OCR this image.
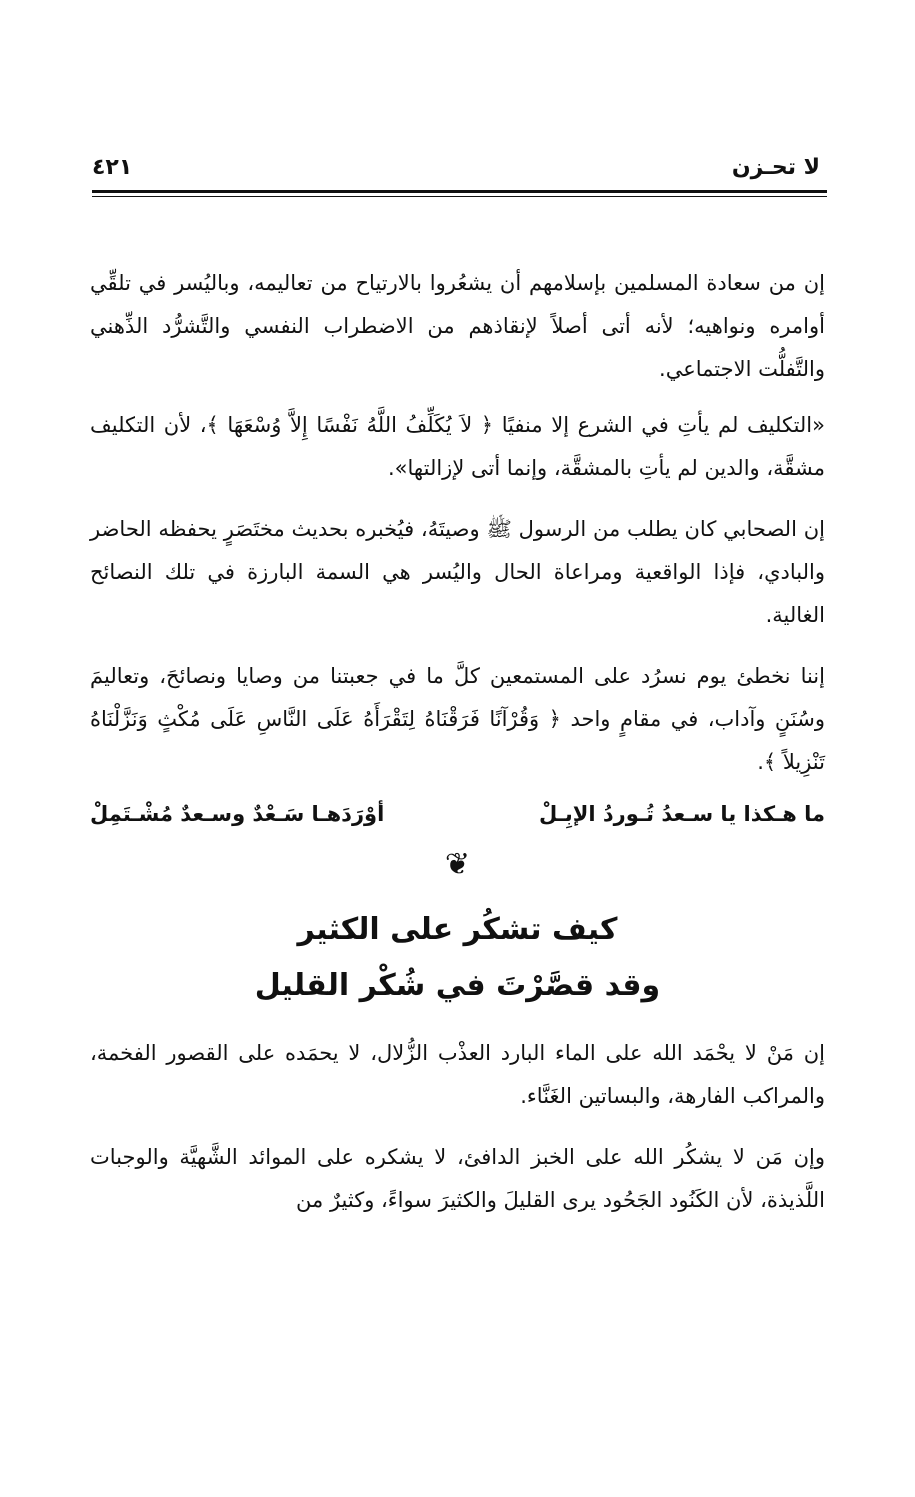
لا تحـزن
٤٢١

إن من سعادة المسلمين بإسلامهم أن يشعُروا بالارتياح من تعاليمه، وباليُسر في تلقِّي أوامره ونواهيه؛ لأنه أتى أصلاً لإنقاذهم من الاضطراب النفسي والتَّشرُّد الذِّهني والتَّفلُّت الاجتماعي.

«التكليف لم يأتِ في الشرع إلا منفيًا ﴿ لاَ يُكَلِّفُ اللَّهُ نَفْسًا إِلاَّ وُسْعَهَا ﴾، لأن التكليف مشقَّة، والدين لم يأتِ بالمشقَّة، وإنما أتى لإزالتها».

إن الصحابي كان يطلب من الرسول ﷺ وصيتَهُ، فيُخبره بحديث مختَصَرٍ يحفظه الحاضر والبادي، فإذا الواقعية ومراعاة الحال واليُسر هي السمة البارزة في تلك النصائح الغالية.

إننا نخطئ يوم نسرُد على المستمعين كلَّ ما في جعبتنا من وصايا ونصائحَ، وتعاليمَ وسُنَنٍ وآداب، في مقامٍ واحد ﴿ وَقُرْآنًا فَرَقْنَاهُ لِتَقْرَأَهُ عَلَى النَّاسِ عَلَى مُكْثٍ وَنَزَّلْنَاهُ تَنْزِيلاً ﴾.

ما هـكذا يا سـعدُ تُـوردُ الإبِـلْ
أوْرَدَهـا سَـعْدٌ وسـعدٌ مُشْـتَمِلْ
❦
كيف تشكُر على الكثير
وقد قصَّرْتَ في شُكْر القليل

إن مَنْ لا يحْمَد الله على الماء البارد العذْب الزُّلال، لا يحمَده على القصور الفخمة، والمراكب الفارهة، والبساتين الغَنَّاء.

وإن مَن لا يشكُر الله على الخبز الدافئ، لا يشكره على الموائد الشَّهيَّة والوجبات اللَّذيذة، لأن الكَنُود الجَحُود يرى القليلَ والكثيرَ سواءً، وكثيرٌ من
